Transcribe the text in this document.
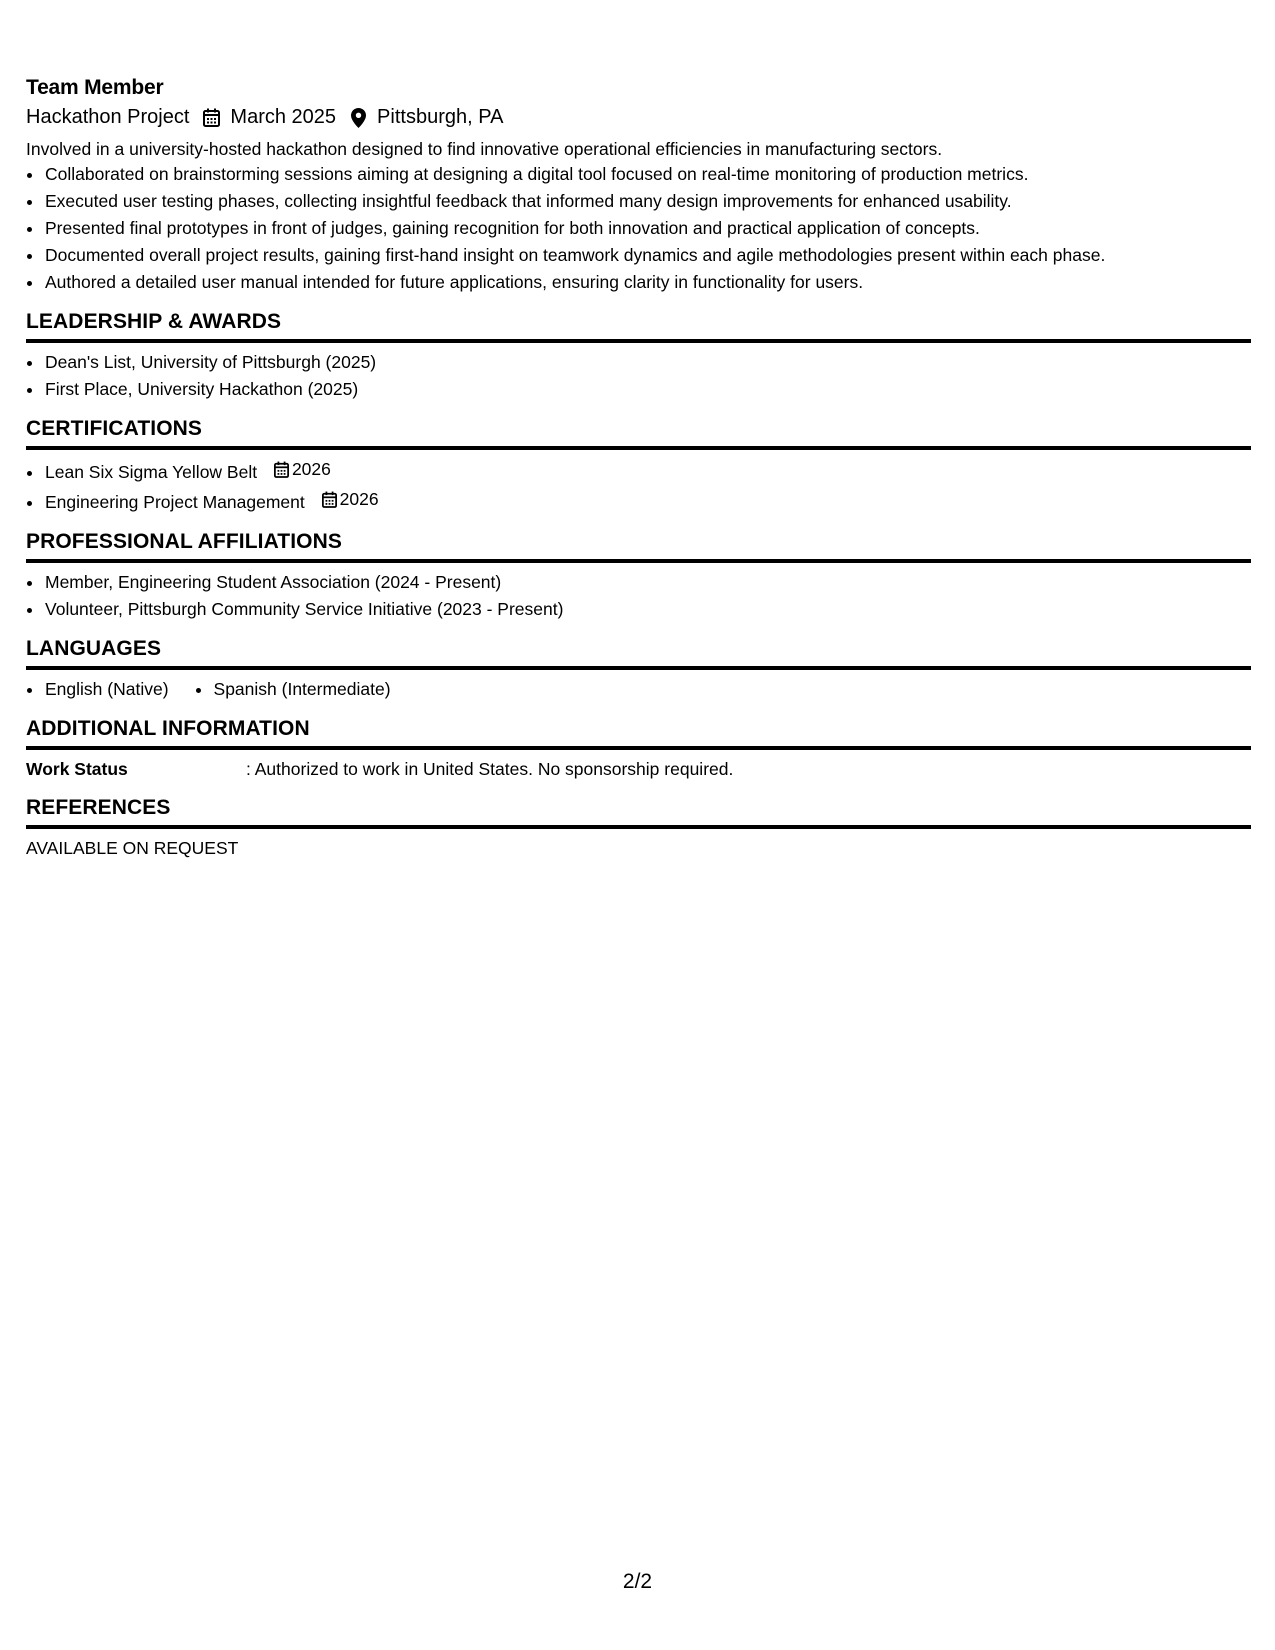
Team Member
Hackathon Project March 2025 Pittsburgh, PA

Involved in a university-hosted hackathon designed to find innovative operational efficiencies in manufacturing sectors.

• Collaborated on brainstorming sessions aiming at designing a digital tool focused on real-time monitoring of production metrics.
• Executed user testing phases, collecting insightful feedback that informed many design improvements for enhanced usability.
• Presented final prototypes in front of judges, gaining recognition for both innovation and practical application of concepts.
• Documented overall project results, gaining first-hand insight on teamwork dynamics and agile methodologies present within each phase.
• Authored a detailed user manual intended for future applications, ensuring clarity in functionality for users.
LEADERSHIP & AWARDS
• Dean's List, University of Pittsburgh (2025)
• First Place, University Hackathon (2025)
CERTIFICATIONS
• Lean Six Sigma Yellow Belt 2026
• Engineering Project Management 2026
PROFESSIONAL AFFILIATIONS
• Member, Engineering Student Association (2024 - Present)
• Volunteer, Pittsburgh Community Service Initiative (2023 - Present)
LANGUAGES
• English (Native)
•	Spanish (Intermediate)
ADDITIONAL INFORMATION
Work Status	: Authorized to work in United States. No sponsorship required.
REFERENCES
AVAILABLE ON REQUEST
2/2
